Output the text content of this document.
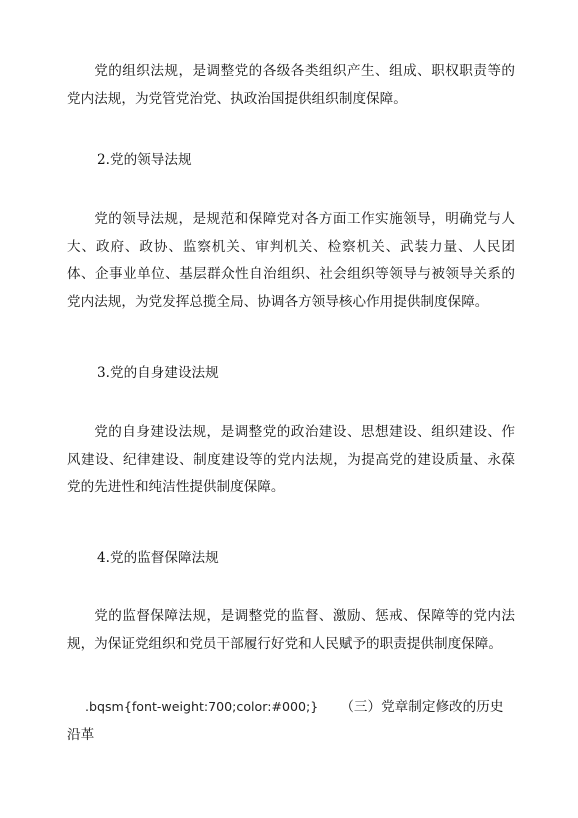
党的组织法规，是调整党的各级各类组织产生、组成、职权职责等的党内法规，为党管党治党、执政治国提供组织制度保障。

2.党的领导法规

党的领导法规，是规范和保障党对各方面工作实施领导，明确党与人大、政府、政协、监察机关、审判机关、检察机关、武装力量、人民团体、企事业单位、基层群众性自治组织、社会组织等领导与被领导关系的党内法规，为党发挥总揽全局、协调各方领导核心作用提供制度保障。

3.党的自身建设法规

党的自身建设法规，是调整党的政治建设、思想建设、组织建设、作风建设、纪律建设、制度建设等的党内法规，为提高党的建设质量、永葆党的先进性和纯洁性提供制度保障。

4.党的监督保障法规

党的监督保障法规，是调整党的监督、激励、惩戒、保障等的党内法规，为保证党组织和党员干部履行好党和人民赋予的职责提供制度保障。

.bqsm{font-weight:700;color:#000;} （三）党章制定修改的历史沿革
